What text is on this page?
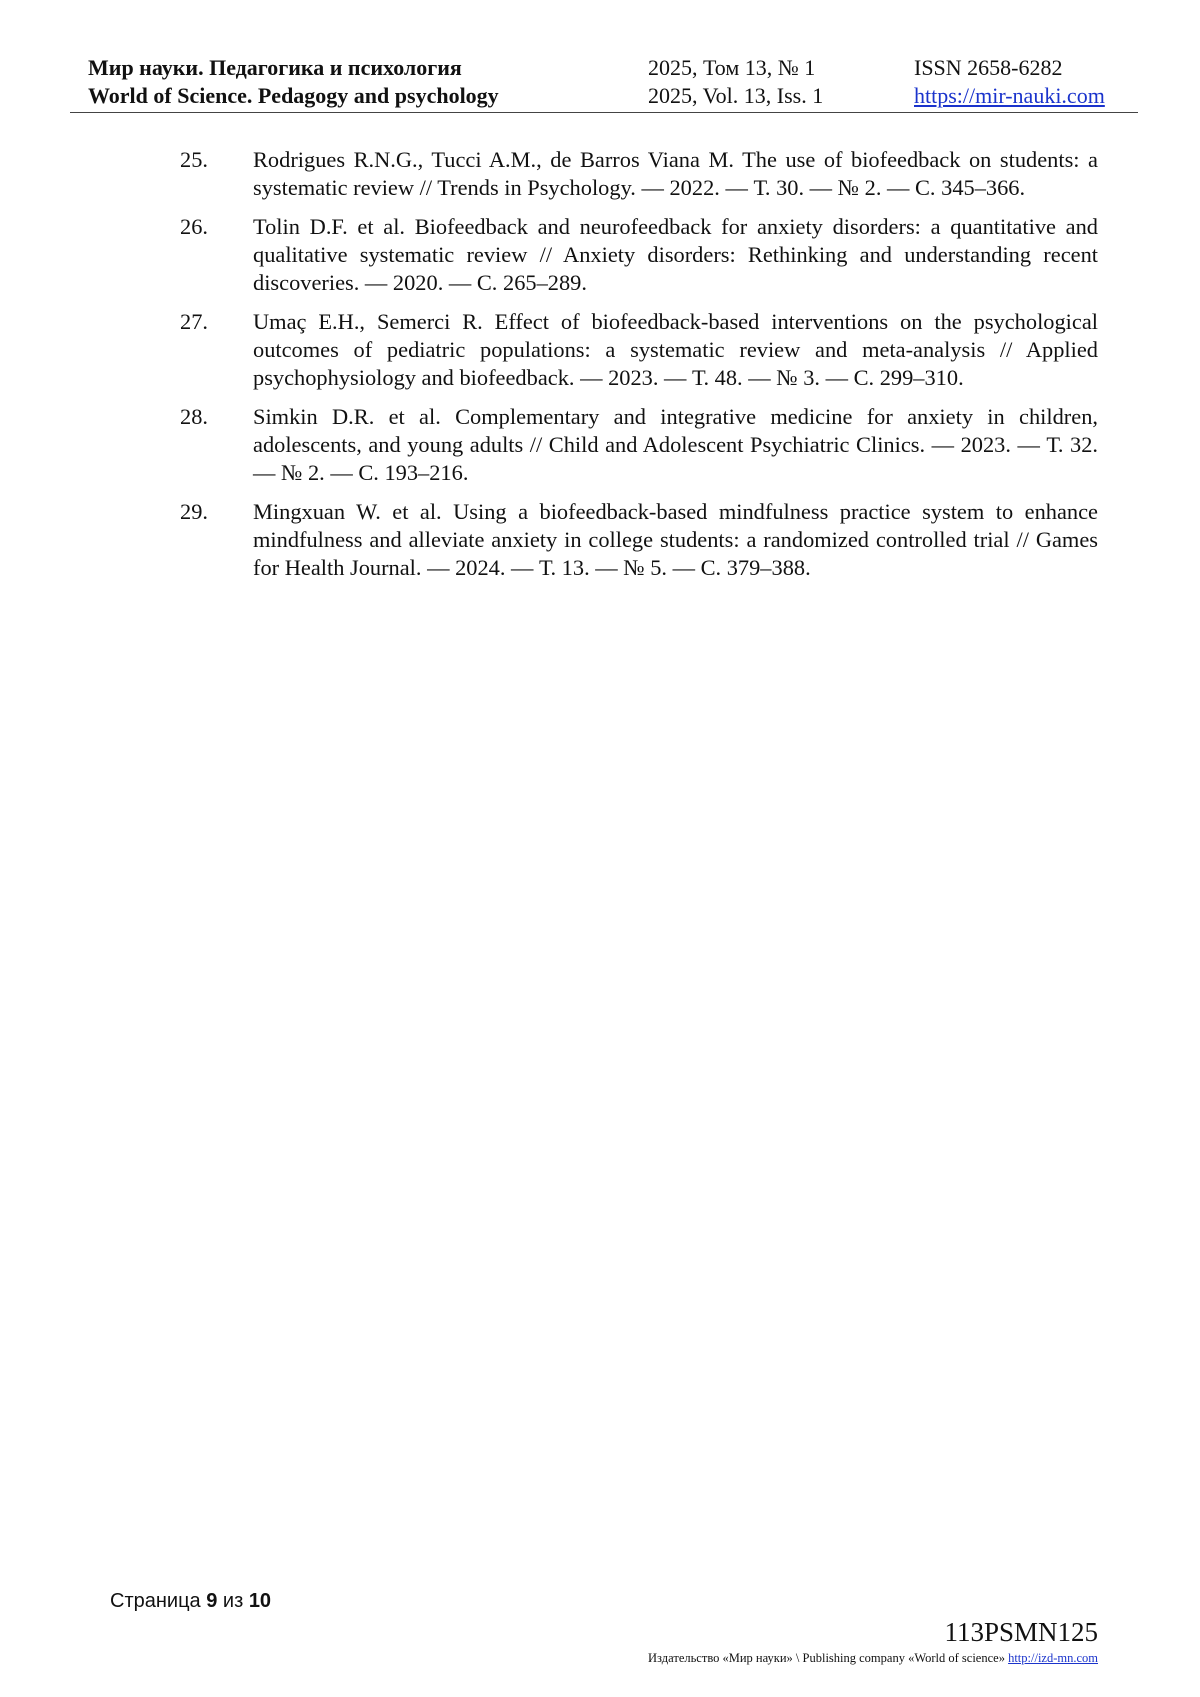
Мир науки. Педагогика и психология	2025, Том 13, № 1	ISSN 2658-6282
World of Science. Pedagogy and psychology	2025, Vol. 13, Iss. 1	https://mir-nauki.com
25. Rodrigues R.N.G., Tucci A.M., de Barros Viana M. The use of biofeedback on students: a systematic review // Trends in Psychology. — 2022. — Т. 30. — № 2. — С. 345–366.
26. Tolin D.F. et al. Biofeedback and neurofeedback for anxiety disorders: a quantitative and qualitative systematic review // Anxiety disorders: Rethinking and understanding recent discoveries. — 2020. — С. 265–289.
27. Umaç E.H., Semerci R. Effect of biofeedback-based interventions on the psychological outcomes of pediatric populations: a systematic review and meta-analysis // Applied psychophysiology and biofeedback. — 2023. — Т. 48. — № 3. — С. 299–310.
28. Simkin D.R. et al. Complementary and integrative medicine for anxiety in children, adolescents, and young adults // Child and Adolescent Psychiatric Clinics. — 2023. — Т. 32. — № 2. — С. 193–216.
29. Mingxuan W. et al. Using a biofeedback-based mindfulness practice system to enhance mindfulness and alleviate anxiety in college students: a randomized controlled trial // Games for Health Journal. — 2024. — Т. 13. — № 5. — С. 379–388.
Страница 9 из 10
113PSMN125
Издательство «Мир науки» \ Publishing company «World of science» http://izd-mn.com
